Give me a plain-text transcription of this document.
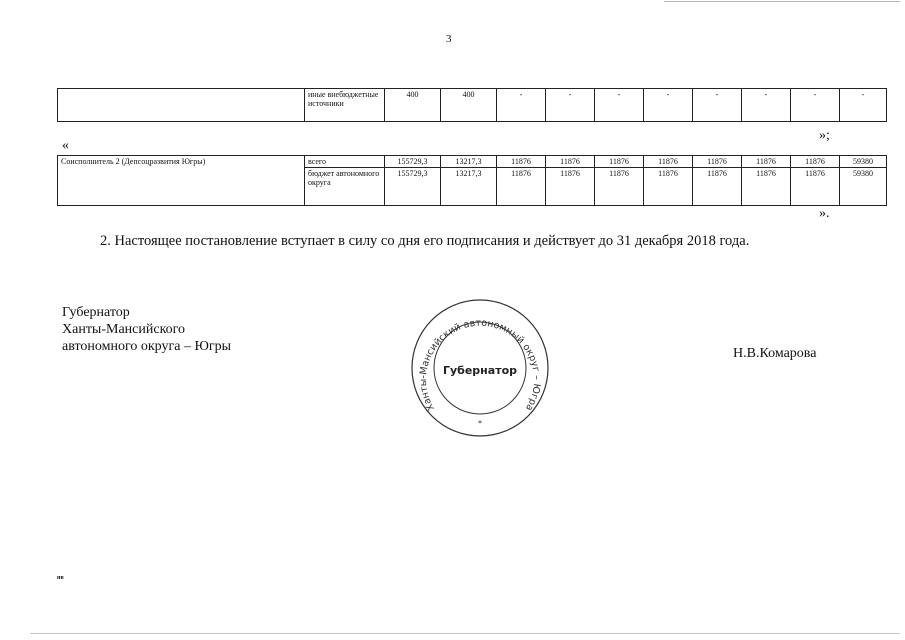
3
	иные внебюджетные источники	400	400	-	-	-	-	-	-	-	-
«
»;
Соисполнитель 2 (Депсоцразвития Югры)	всего	155729,3	13217,3	11876	11876	11876	11876	11876	11876	11876	59380
	бюджет автономного округа	155729,3	13217,3	11876	11876	11876	11876	11876	11876	11876	59380
».
2. Настоящее постановление вступает в силу со дня его подписания и действует до 31 декабря 2018 года.
Губернатор
Ханты-Мансийского
автономного округа – Югры
Ханты-Мансийский автономный округ – Югра
Губернатор
*
Н.В.Комарова
нв
